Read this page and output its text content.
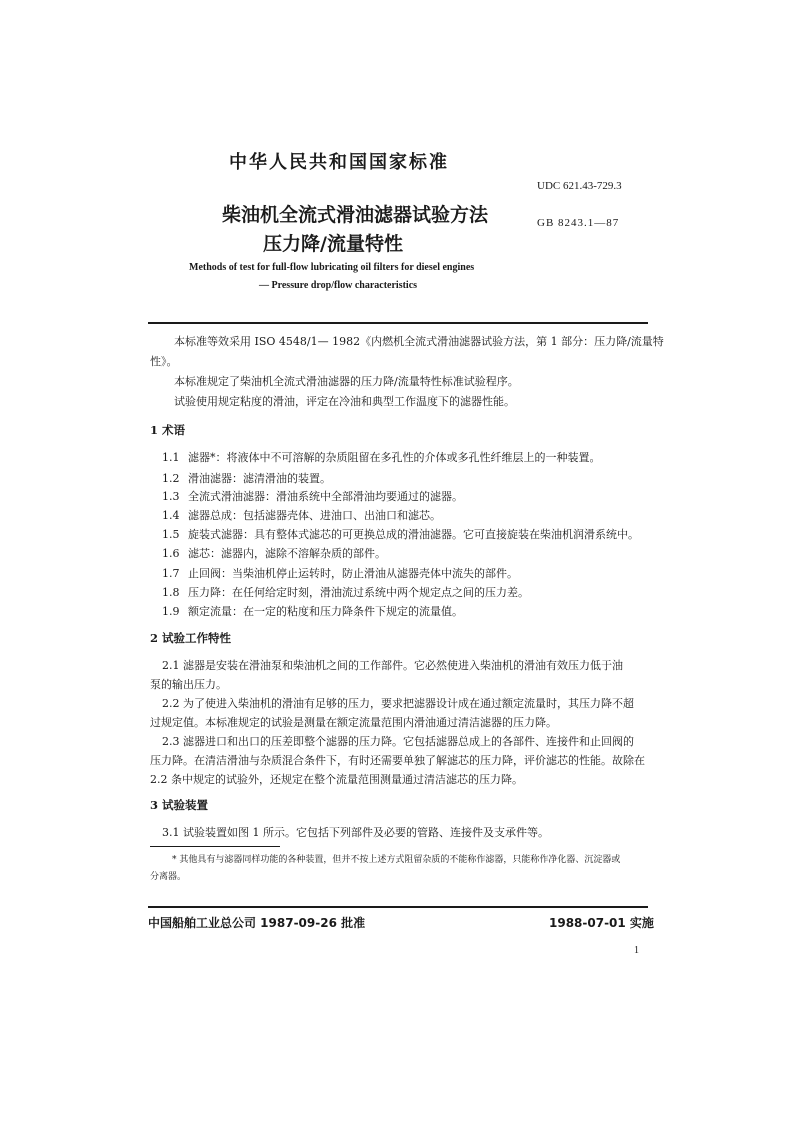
中华人民共和国国家标准
UDC 621.43-729.3
柴油机全流式滑油滤器试验方法	GB 8243.1—87
压力降/流量特性
Methods of test for full-flow lubricating oil filters for diesel engines
— Pressure drop/flow characteristics
本标准等效采用 ISO 4548/1— 1982《内燃机全流式滑油滤器试验方法，第 1 部分：压力降/流量特
性》。
本标准规定了柴油机全流式滑油滤器的压力降/流量特性标准试验程序。
试验使用规定粘度的滑油，评定在冷油和典型工作温度下的滤器性能。
1 术语
1.1 滤器*：将液体中不可溶解的杂质阻留在多孔性的介体或多孔性纤维层上的一种装置。
1.2 滑油滤器：滤清滑油的装置。
1.3 全流式滑油滤器：滑油系统中全部滑油均要通过的滤器。
1.4 滤器总成：包括滤器壳体、进油口、出油口和滤芯。
1.5 旋装式滤器：具有整体式滤芯的可更换总成的滑油滤器。它可直接旋装在柴油机润滑系统中。
1.6 滤芯：滤器内，滤除不溶解杂质的部件。
1.7 止回阀：当柴油机停止运转时，防止滑油从滤器壳体中流失的部件。
1.8 压力降：在任何给定时刻，滑油流过系统中两个规定点之间的压力差。
1.9 额定流量：在一定的粘度和压力降条件下规定的流量值。
2 试验工作特性
2.1 滤器是安装在滑油泵和柴油机之间的工作部件。它必然使进入柴油机的滑油有效压力低于油
泵的输出压力。
2.2 为了使进入柴油机的滑油有足够的压力，要求把滤器设计成在通过额定流量时，其压力降不超
过规定值。本标准规定的试验是测量在额定流量范围内滑油通过清洁滤器的压力降。
2.3 滤器进口和出口的压差即整个滤器的压力降。它包括滤器总成上的各部件、连接件和止回阀的
压力降。在清洁滑油与杂质混合条件下，有时还需要单独了解滤芯的压力降，评价滤芯的性能。故除在
2.2 条中规定的试验外，还规定在整个流量范围测量通过清洁滤芯的压力降。
3 试验装置
3.1 试验装置如图 1 所示。它包括下列部件及必要的管路、连接件及支承件等。
* 其他具有与滤器同样功能的各种装置，但并不按上述方式阻留杂质的不能称作滤器，只能称作净化器、沉淀器或
分离器。
中国船舶工业总公司 1987-09-26 批准	1988-07-01 实施
1
